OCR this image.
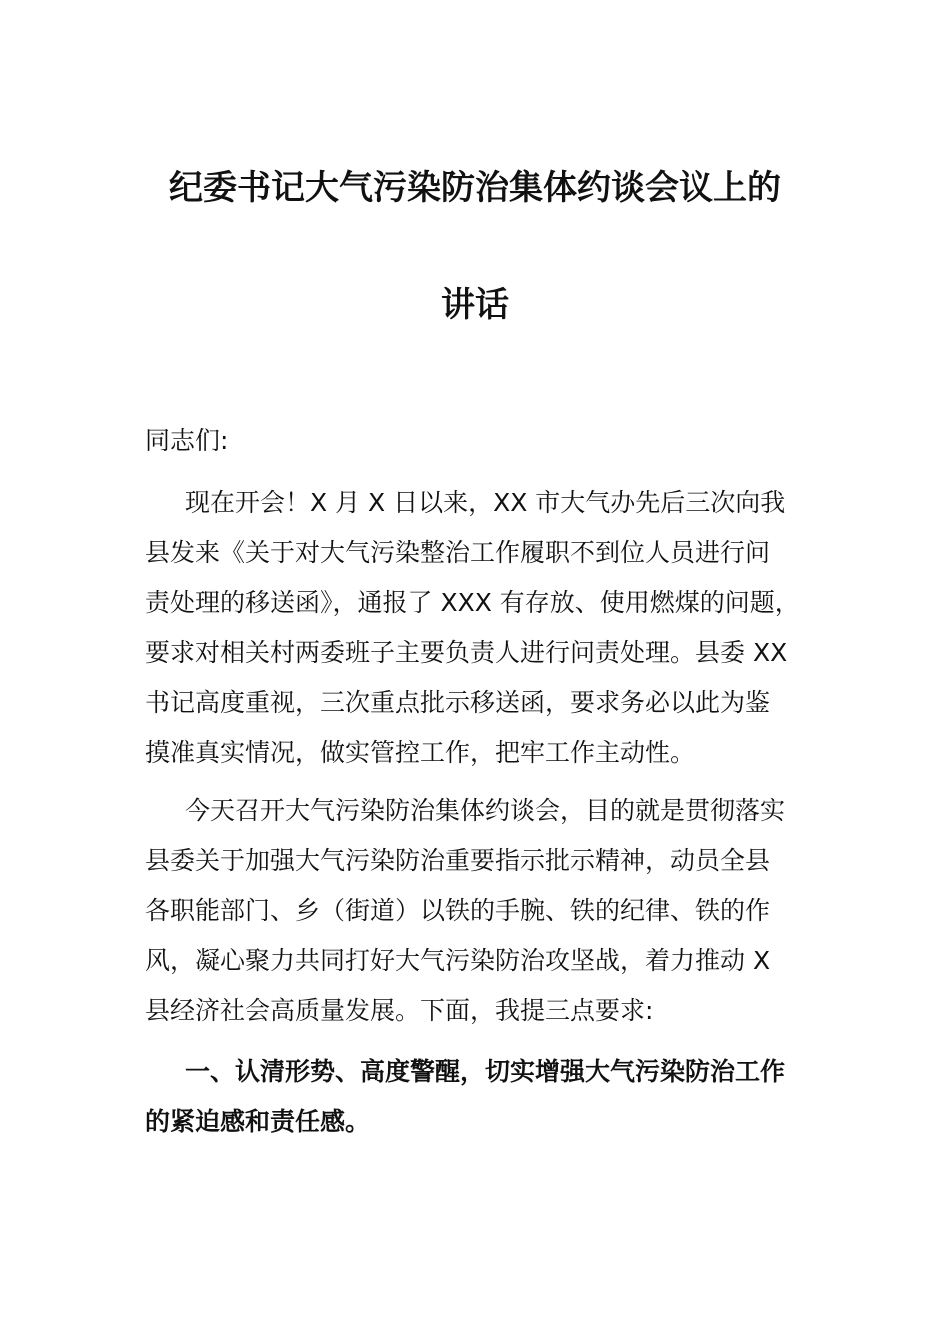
纪委书记大气污染防治集体约谈会议上的
讲话
同志们:
现在开会！X 月 X 日以来，XX 市大气办先后三次向我
县发来《关于对大气污染整治工作履职不到位人员进行问
责处理的移送函》，通报了 XXX 有存放、使用燃煤的问题，
要求对相关村两委班子主要负责人进行问责处理。县委 XX
书记高度重视，三次重点批示移送函，要求务必以此为鉴
摸准真实情况，做实管控工作，把牢工作主动性。
今天召开大气污染防治集体约谈会，目的就是贯彻落实
县委关于加强大气污染防治重要指示批示精神，动员全县
各职能部门、乡（街道）以铁的手腕、铁的纪律、铁的作
风，凝心聚力共同打好大气污染防治攻坚战，着力推动 X
县经济社会高质量发展。下面，我提三点要求:
一、认清形势、高度警醒，切实增强大气污染防治工作
的紧迫感和责任感。
